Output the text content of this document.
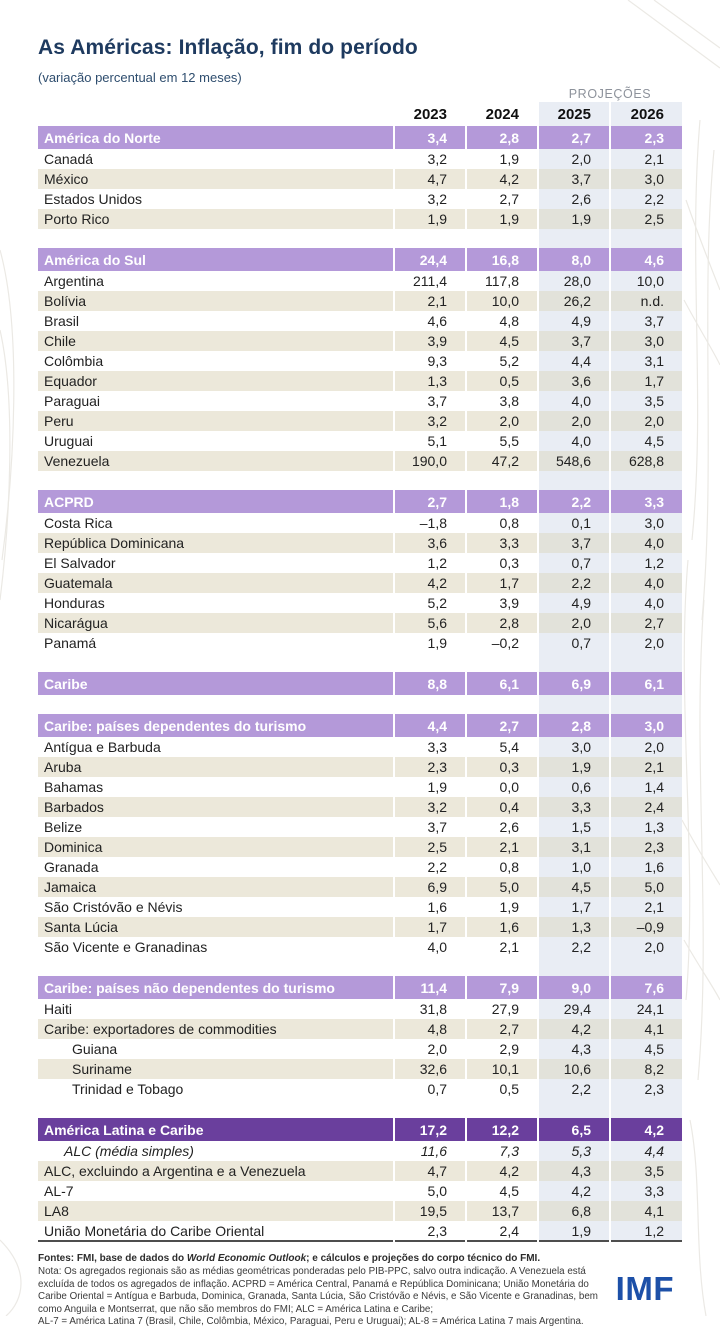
As Américas: Inflação, fim do período

(variação percentual em 12 meses)

PROJEÇÕES
	2023	2024	2025	2026
América do Norte	3,4	2,8	2,7	2,3
Canadá	3,2	1,9	2,0	2,1
México	4,7	4,2	3,7	3,0
Estados Unidos	3,2	2,7	2,6	2,2
Porto Rico	1,9	1,9	1,9	2,5

América do Sul	24,4	16,8	8,0	4,6
Argentina	211,4	117,8	28,0	10,0
Bolívia	2,1	10,0	26,2	n.d.
Brasil	4,6	4,8	4,9	3,7
Chile	3,9	4,5	3,7	3,0
Colômbia	9,3	5,2	4,4	3,1
Equador	1,3	0,5	3,6	1,7
Paraguai	3,7	3,8	4,0	3,5
Peru	3,2	2,0	2,0	2,0
Uruguai	5,1	5,5	4,0	4,5
Venezuela	190,0	47,2	548,6	628,8

ACPRD	2,7	1,8	2,2	3,3
Costa Rica	–1,8	0,8	0,1	3,0
República Dominicana	3,6	3,3	3,7	4,0
El Salvador	1,2	0,3	0,7	1,2
Guatemala	4,2	1,7	2,2	4,0
Honduras	5,2	3,9	4,9	4,0
Nicarágua	5,6	2,8	2,0	2,7
Panamá	1,9	–0,2	0,7	2,0

Caribe	8,8	6,1	6,9	6,1

Caribe: países dependentes do turismo	4,4	2,7	2,8	3,0
Antígua e Barbuda	3,3	5,4	3,0	2,0
Aruba	2,3	0,3	1,9	2,1
Bahamas	1,9	0,0	0,6	1,4
Barbados	3,2	0,4	3,3	2,4
Belize	3,7	2,6	1,5	1,3
Dominica	2,5	2,1	3,1	2,3
Granada	2,2	0,8	1,0	1,6
Jamaica	6,9	5,0	4,5	5,0
São Cristóvão e Névis	1,6	1,9	1,7	2,1
Santa Lúcia	1,7	1,6	1,3	–0,9
São Vicente e Granadinas	4,0	2,1	2,2	2,0

Caribe: países não dependentes do turismo	11,4	7,9	9,0	7,6
Haiti	31,8	27,9	29,4	24,1
Caribe: exportadores de commodities	4,8	2,7	4,2	4,1
Guiana	2,0	2,9	4,3	4,5
Suriname	32,6	10,1	10,6	8,2
Trinidad e Tobago	0,7	0,5	2,2	2,3

América Latina e Caribe	17,2	12,2	6,5	4,2
ALC (média simples)	11,6	7,3	5,3	4,4
ALC, excluindo a Argentina e a Venezuela	4,7	4,2	4,3	3,5
AL-7	5,0	4,5	4,2	3,3
LA8	19,5	13,7	6,8	4,1
União Monetária do Caribe Oriental	2,3	2,4	1,9	1,2

Fontes: FMI, base de dados do World Economic Outlook; e cálculos e projeções do corpo técnico do FMI.

Nota: Os agregados regionais são as médias geométricas ponderadas pelo PIB-PPC, salvo outra indicação. A Venezuela está excluída de todos os agregados de inflação. ACPRD = América Central, Panamá e República Dominicana; União Monetária do Caribe Oriental = Antígua e Barbuda, Dominica, Granada, Santa Lúcia, São Cristóvão e Névis, e São Vicente e Granadinas, bem como Anguila e Montserrat, que não são membros do FMI; ALC = América Latina e Caribe;

AL-7 = América Latina 7 (Brasil, Chile, Colômbia, México, Paraguai, Peru e Uruguai); AL-8 = América Latina 7 mais Argentina.

IMF
